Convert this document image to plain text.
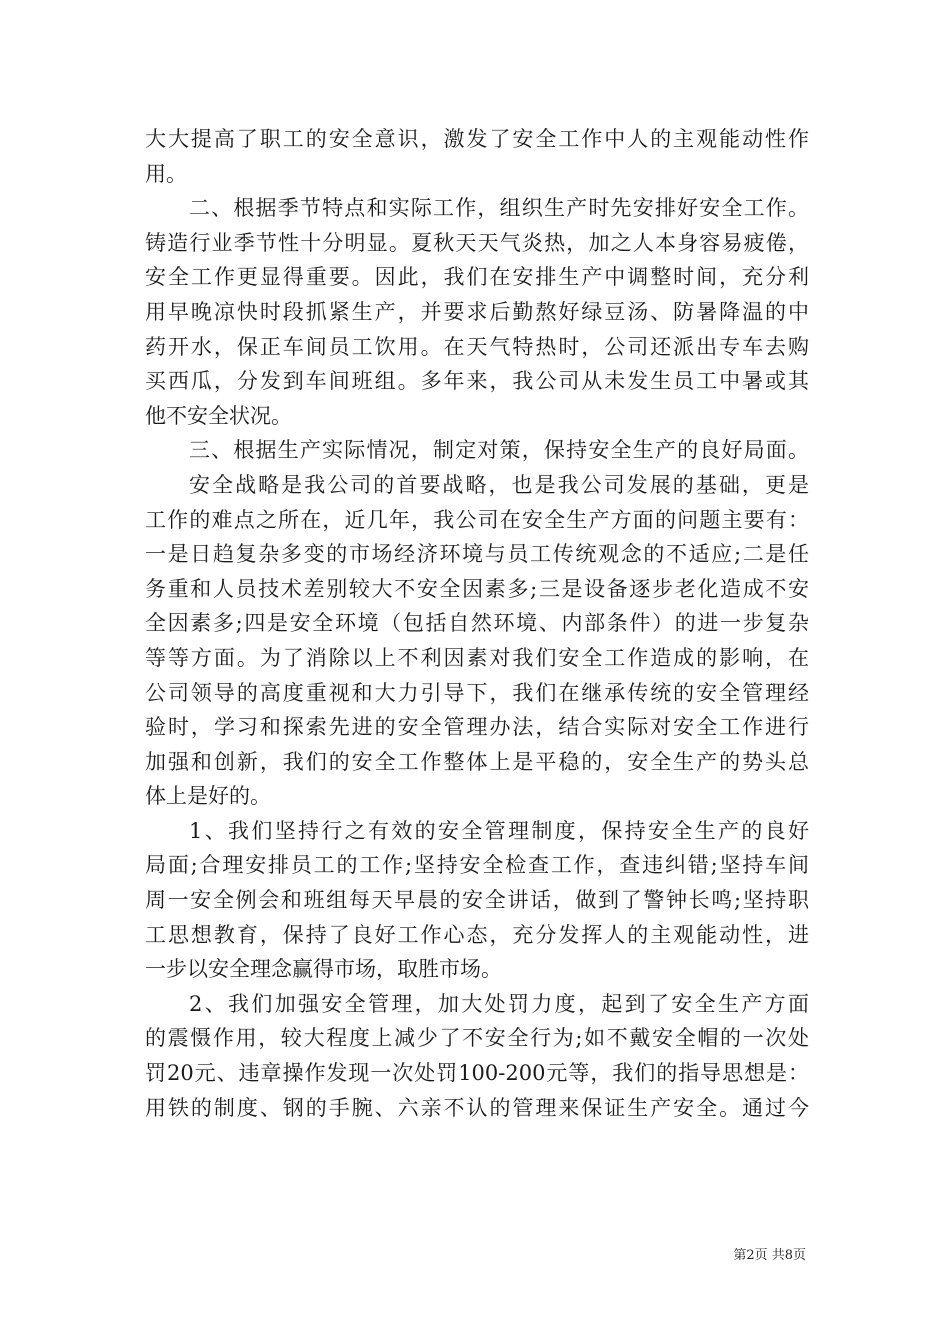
大大提高了职工的安全意识，激发了安全工作中人的主观能动性作
用。
二、根据季节特点和实际工作，组织生产时先安排好安全工作。
铸造行业季节性十分明显。夏秋天天气炎热，加之人本身容易疲倦，
安全工作更显得重要。因此，我们在安排生产中调整时间，充分利
用早晚凉快时段抓紧生产，并要求后勤熬好绿豆汤、防暑降温的中
药开水，保正车间员工饮用。在天气特热时，公司还派出专车去购
买西瓜，分发到车间班组。多年来，我公司从未发生员工中暑或其
他不安全状况。
三、根据生产实际情况，制定对策，保持安全生产的良好局面。
安全战略是我公司的首要战略，也是我公司发展的基础，更是
工作的难点之所在，近几年，我公司在安全生产方面的问题主要有：
一是日趋复杂多变的市场经济环境与员工传统观念的不适应;二是任
务重和人员技术差别较大不安全因素多;三是设备逐步老化造成不安
全因素多;四是安全环境（包括自然环境、内部条件）的进一步复杂
等等方面。为了消除以上不利因素对我们安全工作造成的影响，在
公司领导的高度重视和大力引导下，我们在继承传统的安全管理经
验时，学习和探索先进的安全管理办法，结合实际对安全工作进行
加强和创新，我们的安全工作整体上是平稳的，安全生产的势头总
体上是好的。
1、我们坚持行之有效的安全管理制度，保持安全生产的良好
局面;合理安排员工的工作;坚持安全检查工作，查违纠错;坚持车间
周一安全例会和班组每天早晨的安全讲话，做到了警钟长鸣;坚持职
工思想教育，保持了良好工作心态，充分发挥人的主观能动性，进
一步以安全理念赢得市场，取胜市场。
2、我们加强安全管理，加大处罚力度，起到了安全生产方面
的震慑作用，较大程度上减少了不安全行为;如不戴安全帽的一次处
罚20元、违章操作发现一次处罚100-200元等，我们的指导思想是：
用铁的制度、钢的手腕、六亲不认的管理来保证生产安全。通过今
第2页 共8页
